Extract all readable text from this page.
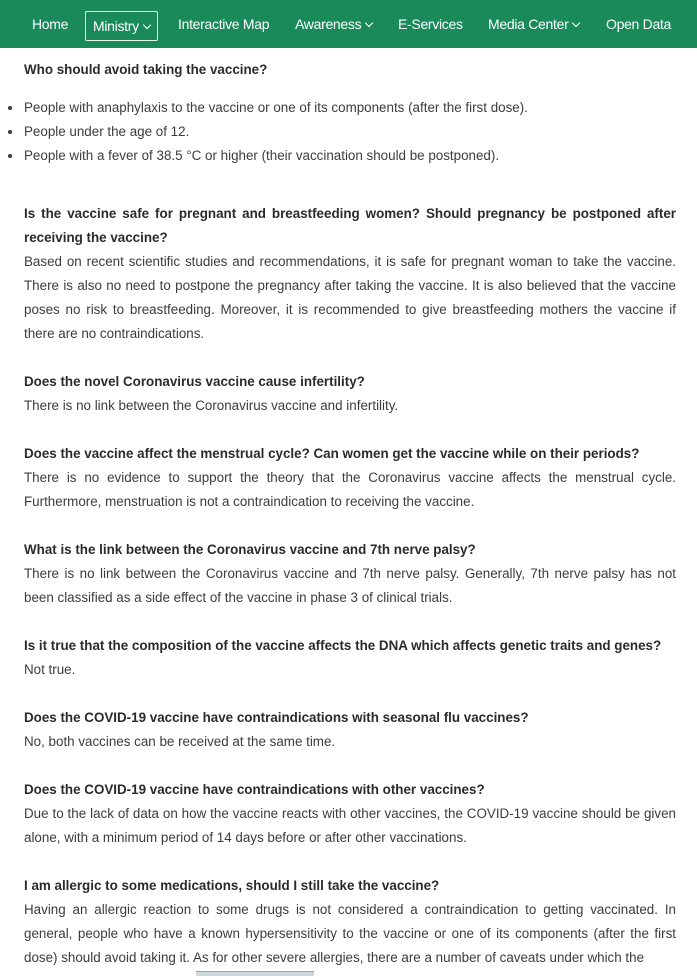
Home	Ministry	Interactive Map Awareness	E-Services Media Center	Open Data
People with anaphylaxis to the vaccine or one of its components (after the first dose).
People under the age of 12.
People with a fever of 38.5 °C or higher (their vaccination should be postponed).

Who should avoid taking the vaccine?

Is the vaccine safe for pregnant and breastfeeding women? Should pregnancy be postponed after receiving the vaccine?

Based on recent scientific studies and recommendations, it is safe for pregnant woman to take the vaccine. There is also no need to postpone the pregnancy after taking the vaccine. It is also believed that the vaccine poses no risk to breastfeeding. Moreover, it is recommended to give breastfeeding mothers the vaccine if there are no contraindications.

Does the novel Coronavirus vaccine cause infertility?

There is no link between the Coronavirus vaccine and infertility.

Does the vaccine affect the menstrual cycle? Can women get the vaccine while on their periods?

There is no evidence to support the theory that the Coronavirus vaccine affects the menstrual cycle. Furthermore, menstruation is not a contraindication to receiving the vaccine.

What is the link between the Coronavirus vaccine and 7th nerve palsy?

There is no link between the Coronavirus vaccine and 7th nerve palsy. Generally, 7th nerve palsy has not been classified as a side effect of the vaccine in phase 3 of clinical trials.

Is it true that the composition of the vaccine affects the DNA which affects genetic traits and genes?

Not true.

Does the COVID-19 vaccine have contraindications with seasonal flu vaccines?

No, both vaccines can be received at the same time.

Does the COVID-19 vaccine have contraindications with other vaccines?

Due to the lack of data on how the vaccine reacts with other vaccines, the COVID-19 vaccine should be given alone, with a minimum period of 14 days before or after other vaccinations.

I am allergic to some medications, should I still take the vaccine?

Having an allergic reaction to some drugs is not considered a contraindication to getting vaccinated. In general, people who have a known hypersensitivity to the vaccine or one of its components (after the first dose) should avoid taking it. As for other severe allergies, there are a number of caveats under which the
